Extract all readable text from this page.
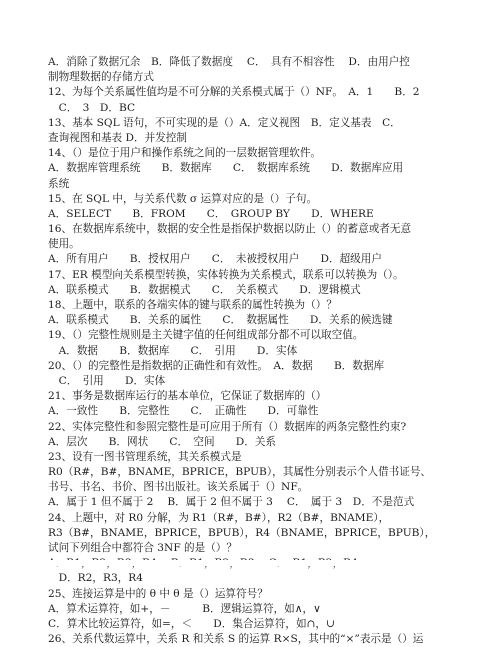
A．消除了数据冗余　B．降低了数据度　 C．　具有不相容性　 D．由用户控
制物理数据的存储方式
12、为每个关系属性值均是不可分解的关系模式属于（）NF。　A．1　　B．2
　C．　3　D．BC
13、基本 SQL 语句，不可实现的是（）A．定义视图　B．定义基表　C．
查询视图和基表 D．并发控制
14、（）是位于用户和操作系统之间的一层数据管理软件。
A．数据库管理系统　　B．数据库　　C．　数据库系统　　D．数据库应用
系统
15、在 SQL 中，与关系代数 σ 运算对应的是（）子句。
A．SELECT　　B．FROM　　C．　GROUP BY　　D．WHERE
16、在数据库系统中，数据的安全性是指保护数据以防止（）的蓄意或者无意
使用。
A．所有用户　　B．授权用户　　C．　未被授权用户　　D．超级用户
17、ER 模型向关系模型转换，实体转换为关系模式，联系可以转换为（）。
A．联系模式　　B．数据模式　　C．　关系模式　　D．逻辑模式
18、上题中，联系的各端实体的键与联系的属性转换为（）？
A．联系模式　　B．关系的属性　　C．　数据属性　　D．关系的候选键
19、（）完整性规则是主关键字值的任何组成部分都不可以取空值。
　A．数据　　B．数据库　　C．　引用　　D．实体
20、（）的完整性是指数据的正确性和有效性。　A．数据　　B．数据库
　C．　引用　　D．实体
21、事务是数据库运行的基本单位，它保证了数据库的（）
A．一致性　　B．完整性　　C．　正确性　　D．可靠性
22、实体完整性和参照完整性是可应用于所有（）数据库的两条完整性约束?
A．层次　　B．网状　　C．　空间　　D．关系
23、设有一图书管理系统，其关系模式是
R0（R#，B#，BNAME，BPRICE，BPUB），其属性分别表示个人借书证号、
书号、书名、书价、图书出版社。该关系属于（）NF。
A．属于 1 但不属于 2　 B．属于 2 但不属于 3　 C．　属于 3　D．不是范式
24、上题中，对 R0 分解，为 R1（R#，B#），R2（B#，BNAME），
R3（B#，BNAME，BPRICE，BPUB），R4（BNAME，BPRICE，BPUB），
试问下列组合中都符合 3NF 的是（）？
　D．R2，R3，R4
25、连接运算是中的 θ 中 θ 是（）运算符号？
A．算术运算符，如+，－　　　B．逻辑运算符，如∧，∨
C．算术比较运算符，如=，＜　　D．集合运算符，如∩，∪
26、关系代数运算中，关系 R 和关系 S 的运算 R×S，其中的“×”表示是（）运
